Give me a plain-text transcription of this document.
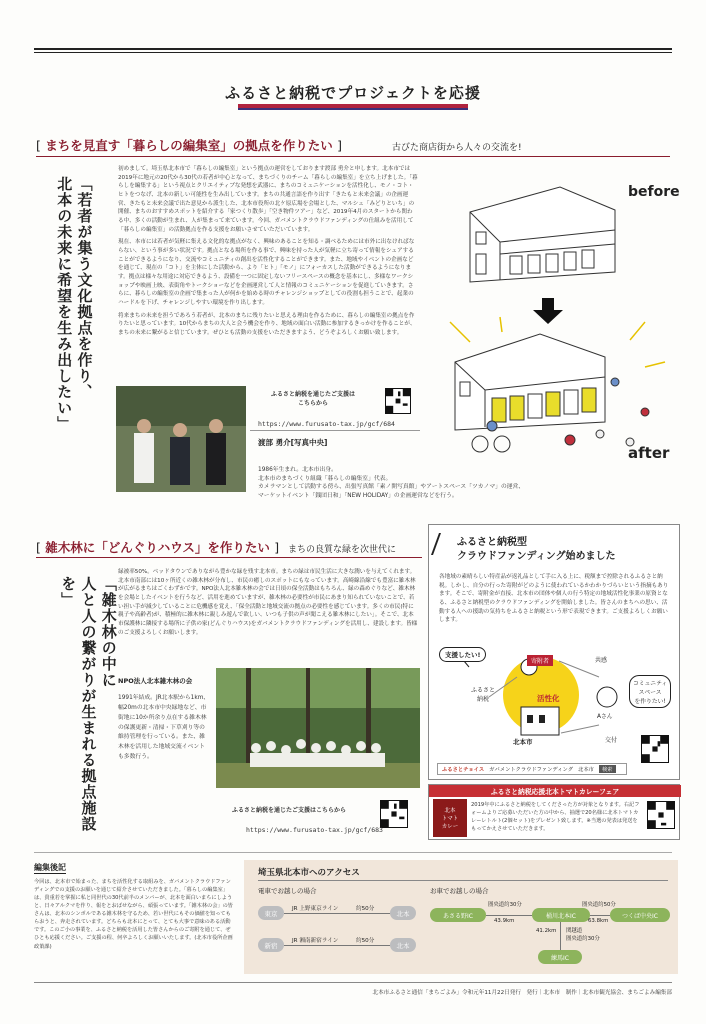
ふるさと納税でプロジェクトを応援
[ まちを見直す「暮らしの編集室」の拠点を作りたい ]	古びた商店街から人々の交流を!
「若者が集う文化拠点を作り、
北本の未来に希望を生み出したい」

初めまして。埼玉県北本市で「暮らしの編集室」という拠点の運営をしております渡部 勇介と申します。北本市では2019年に地元の20代から30代の若者が中心となって、まちづくりのチーム「暮らしの編集室」を立ち上げました。「暮らしを編集する」という視点とクリエイティブな発想を武器に、まちのコミュニケーションを活性化し、モノ・コト・ヒトをつなげ、北本の新しい可能性を生み出しています。まちの共通言語を作り出す「きたもと未来会議」の企画運営、きたもと未来会議で出た意見から派生した、北本市役所の北ケ原広場を会場とした、マルシェ「みどりといち」の開催、まちのおすすめスポットを紹介する「家つくり散歩」「空き物件ツアー」など、2019年4月のスタートから関わる中、多くの活動が生まれ、人が集まって来ています。今回、ガバメントクラウドファンディングの仕組みを活用して「暮らしの編集室」の活動拠点を作る支援をお願いさせていただいています。

現在、本市には若者が気軽に集える文化的な拠点がなく、興味のあることを知る・調べるためには市外に出なければならない、という事が多い状況です。拠点となる場所を作る事で、興味を持った人が気軽に立ち寄って情報をシェアすることができるようになり、交流やコミュニティの創出を活性化することができます。また、地域やイベントの企画などを通じて、現在の「コト」を主体にした活動から、より「ヒト」「モノ」にフォーカスした活動ができるようになります。拠点は様々な用途に対応できるよう、設備を一つに固定しないフリースペースの概念を基本にし、多様なワークショップや映画上映、表街角やトークショーなどを企画運営して人と情報のコミュニケーションを促進していきます。さらに、暮らしの編集室の企画で集まった人が何かを始める時のチャレンジショップとしての役割も担うことで、起業のハードルを下げ、チャレンジしやすい環境を作り出します。

将来まちの未来を担うであろう若者が、北本のまちに残りたいと思える理由を作るために、暮らしの編集室の拠点を作りたいと思っています。10代からまちの大人と会う機会を作り、地域の面白い活動に参加するきっかけを作ることが、まちの未来に繋がると信じています。ぜひとも活動の支援をいただきますよう、どうぞよろしくお願い致します。

before
after
ふるさと納税を通じたご支援は
こちらから
https://www.furusato-tax.jp/gcf/684
渡部 勇介[写真中央]
1986年生まれ。北本市出身。
北本市のまちづくり組織「暮らしの編集室」代表。
カメラマンとして活動する傍ら、出張写真館「素ノ開写真館」やアートスペース「ツカノマ」の運営、
マーケットイベント「銭団日和」「NEW HOLIDAY」の企画運営などを行う。
[ 雑木林に「どんぐりハウス」を作りたい ] まちの良質な緑を次世代に
「雑木林の中に
人と人の繋がりが生まれる拠点施設を」
緑被率50%。ベッドタウンでありながら豊かな緑を残す北本市。まちの緑は市民生活に大きな潤いを与えてくれます。北本市南部には10ヶ所近くの雑木林が分布し、市民の癒しのスポットにもなっています。高崎線沿線でも豊富に雑木林が広がるまちはごくわずかです。NPO法人北本雑木林の会では日頃の保全活動はもちろん、緑の森めぐりなど、雑木林を会場としたイベントを行うなど、活用を進めていますが、雑木林の必要性が市民にあまり知られていないことで、若い担い手が減少していることに危機感を覚え、「保全活動と地域交流の拠点の必要性を感じています。多くの市民(特に親子や高齢者)が、積極的に雑木林に親しみ遊んで欲しい、いつも子供の声が聞こえる雑木林にしたい」。そこで、北本市保護林に隣接する場所に子供の家(どんぐりハウス)をガバメントクラウドファンディングを活用し、建設します。皆様のご支援よろしくお願いします。
NPO法人北本雑木林の会
1991年結成。JR北本駅から1km、幅20mの北本市中央緑地など、市街地に10か所余り点在する雑木林の保護更新・清掃・下草刈り等の維持管理を行っている。また、雑木林を活用した地域交流イベントも多数行う。
ふるさと納税を通じたご支援はこちらから
https://www.furusato-tax.jp/gcf/683
ふるさと納税型
クラウドファンディング始めました
各地域の素晴らしい特産品が返礼品として手に入る上に、税額まで控除されるふるさと納税。しかし、自分の行った寄附がどのように使われているかわかりづらいという指摘もあります。そこで、寄附金が直接、北本市の団体や個人の行う特定の地域活性化事業の原資となる、ふるさと納税型のクラウドファンディングを開始しました。皆さんのまちへの思い、活動する人への援助の気持ちをふるさと納税という形で表現できます。ご支援よろしくお願いします。
支援したい!
寄附者	共感
ふるさと
納税	活性化
コミュニティ
スペース
を作りたい!
Aさん
北本市	交付
ふるさとチョイス ガバメントクラウドファンディング 北本市	検索
ふるさと納税応援北本トマトカレーフェア
北本
トマト
カレー
2019年中にふるさと納税をしてくださった方が対象となります。右記フォームよりご応募いただいた方の中から、抽選で20名様に北本トマトカレーレトルト(2個セット)をプレゼント致します。※当選の発表は発送をもってかえさせていただきます。
編集後記
今回は、北本市で始まった、まちを活性化する取組みを、ガバメントクラウドファンディングでの支援のお願いを通じて紹介させていただきました。「暮らしの編集室」は、貴重若を掌握に私と同世代の30代前半のメンバーが、北本を面白いまちにしようと、日々アルクマを作り、報をとおばせながら、頑張っています。「雑木林の会」の皆さんは、北本のシンボルである雑木林を守るため、若い世代にもその価値を知ってもらおうと、奔走されています。どちらも北本にとって、とても大事で意味のある活動です。このご小の事業を、ふるさと納税を活用した皆さんからのご寄附を通じて、ぜひとも応援ください。ご支援の程、何卒よろしくお願いいたします。(北本市役所企画政策課)
埼玉県北本市へのアクセス
電車でお越しの場合	お車でお越しの場合
東京
JR 上野東京ライン	約50分
北本
新宿
JR 湘南新宿ライン	約50分
北本
あさる野IC
圏央道約30分
43.9km
桶川北本IC
圏央道約50分
63.8km
つくば中央IC
41.2km 関越道
圏央道約30分
練馬IC
北本市ふるさと通信「まちごよみ」令和元年11月22日発行　発行｜北本市　制作｜北本市観光協会、まちごよみ編集部
